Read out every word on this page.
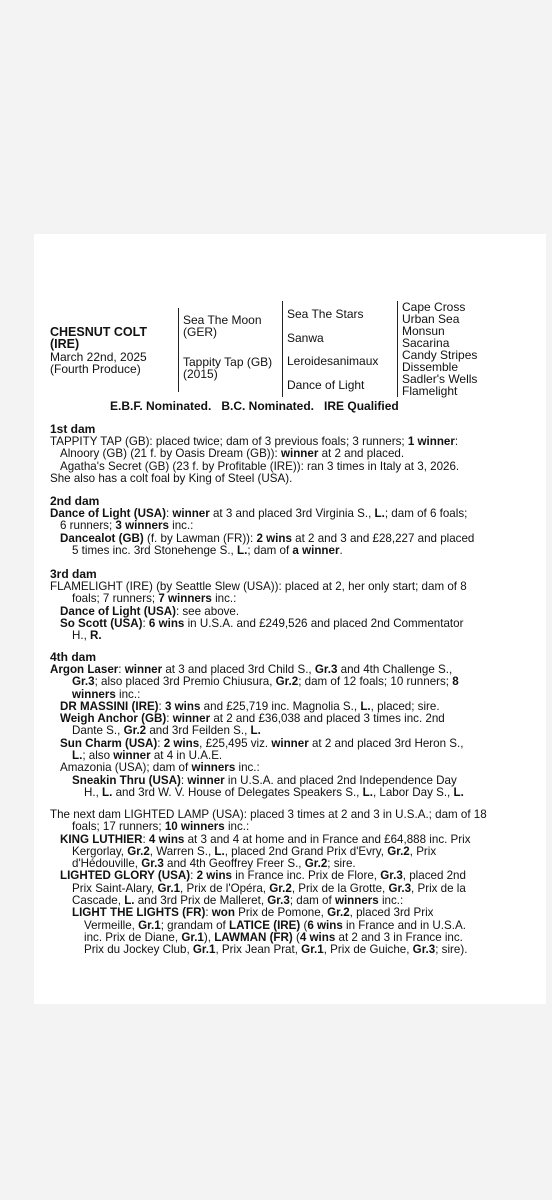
CHESNUT COLT
(IRE)
March 22nd, 2025
(Fourth Produce)
Sea The Moon
(GER)
Tappity Tap (GB)
(2015)
Sea The Stars
Sanwa
Leroidesanimaux
Dance of Light
Cape Cross
Urban Sea
Monsun
Sacarina
Candy Stripes
Dissemble
Sadler's Wells
Flamelight
E.B.F. Nominated.   B.C. Nominated.   IRE Qualified
1st dam
TAPPITY TAP (GB): placed twice; dam of 3 previous foals; 3 runners; 1 winner:
Alnoory (GB) (21 f. by Oasis Dream (GB)): winner at 2 and placed.
Agatha's Secret (GB) (23 f. by Profitable (IRE)): ran 3 times in Italy at 3, 2026.
She also has a colt foal by King of Steel (USA).
2nd dam
Dance of Light (USA): winner at 3 and placed 3rd Virginia S., L.; dam of 6 foals;
6 runners; 3 winners inc.:
Dancealot (GB) (f. by Lawman (FR)): 2 wins at 2 and 3 and £28,227 and placed
5 times inc. 3rd Stonehenge S., L.; dam of a winner.
3rd dam
FLAMELIGHT (IRE) (by Seattle Slew (USA)): placed at 2, her only start; dam of 8
foals; 7 runners; 7 winners inc.:
Dance of Light (USA): see above.
So Scott (USA): 6 wins in U.S.A. and £249,526 and placed 2nd Commentator
H., R.
4th dam
Argon Laser: winner at 3 and placed 3rd Child S., Gr.3 and 4th Challenge S.,
Gr.3; also placed 3rd Premio Chiusura, Gr.2; dam of 12 foals; 10 runners; 8
winners inc.:
DR MASSINI (IRE): 3 wins and £25,719 inc. Magnolia S., L., placed; sire.
Weigh Anchor (GB): winner at 2 and £36,038 and placed 3 times inc. 2nd
Dante S., Gr.2 and 3rd Feilden S., L.
Sun Charm (USA): 2 wins, £25,495 viz. winner at 2 and placed 3rd Heron S.,
L.; also winner at 4 in U.A.E.
Amazonia (USA); dam of winners inc.:
Sneakin Thru (USA): winner in U.S.A. and placed 2nd Independence Day
H., L. and 3rd W. V. House of Delegates Speakers S., L., Labor Day S., L.
The next dam LIGHTED LAMP (USA): placed 3 times at 2 and 3 in U.S.A.; dam of 18
foals; 17 runners; 10 winners inc.:
KING LUTHIER: 4 wins at 3 and 4 at home and in France and £64,888 inc. Prix
Kergorlay, Gr.2, Warren S., L., placed 2nd Grand Prix d'Evry, Gr.2, Prix
d'Hédouville, Gr.3 and 4th Geoffrey Freer S., Gr.2; sire.
LIGHTED GLORY (USA): 2 wins in France inc. Prix de Flore, Gr.3, placed 2nd
Prix Saint-Alary, Gr.1, Prix de l'Opéra, Gr.2, Prix de la Grotte, Gr.3, Prix de la
Cascade, L. and 3rd Prix de Malleret, Gr.3; dam of winners inc.:
LIGHT THE LIGHTS (FR): won Prix de Pomone, Gr.2, placed 3rd Prix
Vermeille, Gr.1; grandam of LATICE (IRE) (6 wins in France and in U.S.A.
inc. Prix de Diane, Gr.1), LAWMAN (FR) (4 wins at 2 and 3 in France inc.
Prix du Jockey Club, Gr.1, Prix Jean Prat, Gr.1, Prix de Guiche, Gr.3; sire).
